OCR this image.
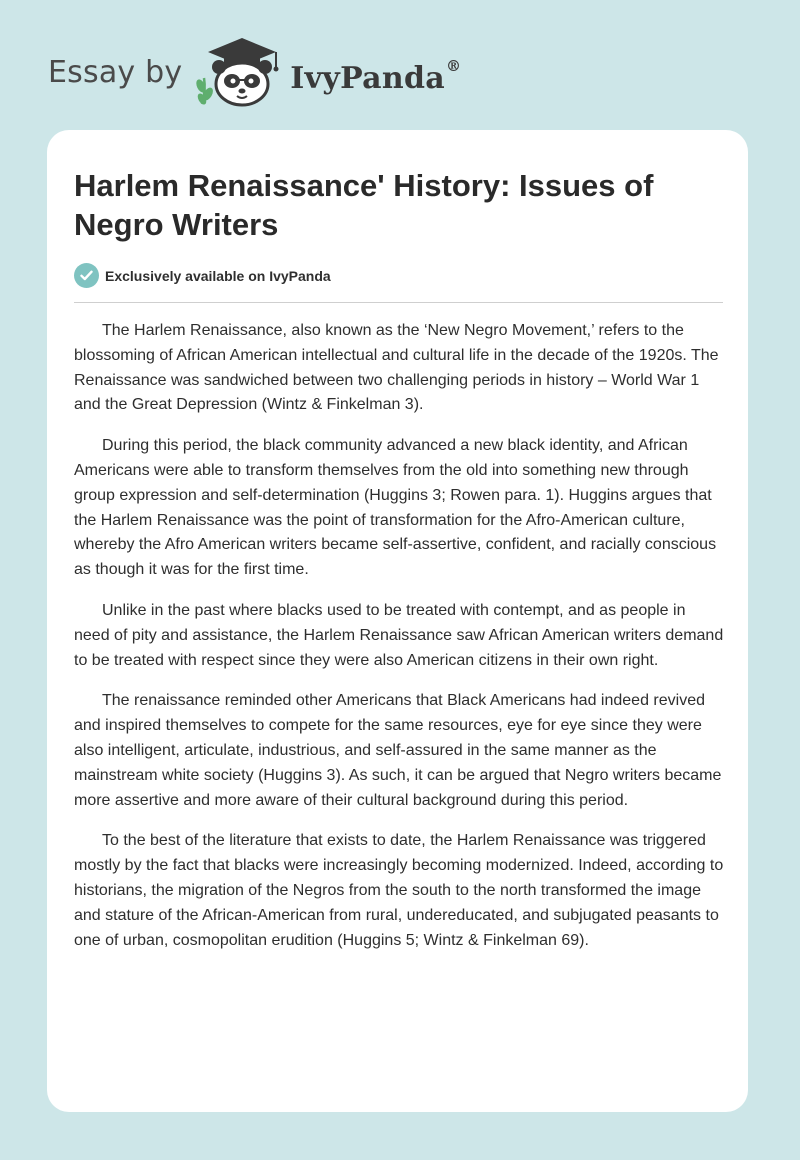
Essay by	IvyPanda®
Harlem Renaissance' History: Issues of Negro Writers
Exclusively available on IvyPanda

The Harlem Renaissance, also known as the ‘New Negro Movement,’ refers to the blossoming of African American intellectual and cultural life in the decade of the 1920s. The Renaissance was sandwiched between two challenging periods in history – World War 1 and the Great Depression (Wintz & Finkelman 3).

During this period, the black community advanced a new black identity, and African Americans were able to transform themselves from the old into something new through group expression and self-determination (Huggins 3; Rowen para. 1). Huggins argues that the Harlem Renaissance was the point of transformation for the Afro-American culture, whereby the Afro American writers became self-assertive, confident, and racially conscious as though it was for the first time.

Unlike in the past where blacks used to be treated with contempt, and as people in need of pity and assistance, the Harlem Renaissance saw African American writers demand to be treated with respect since they were also American citizens in their own right.

The renaissance reminded other Americans that Black Americans had indeed revived and inspired themselves to compete for the same resources, eye for eye since they were also intelligent, articulate, industrious, and self-assured in the same manner as the mainstream white society (Huggins 3). As such, it can be argued that Negro writers became more assertive and more aware of their cultural background during this period.

To the best of the literature that exists to date, the Harlem Renaissance was triggered mostly by the fact that blacks were increasingly becoming modernized. Indeed, according to historians, the migration of the Negros from the south to the north transformed the image and stature of the African-American from rural, undereducated, and subjugated peasants to one of urban, cosmopolitan erudition (Huggins 5; Wintz & Finkelman 69).
